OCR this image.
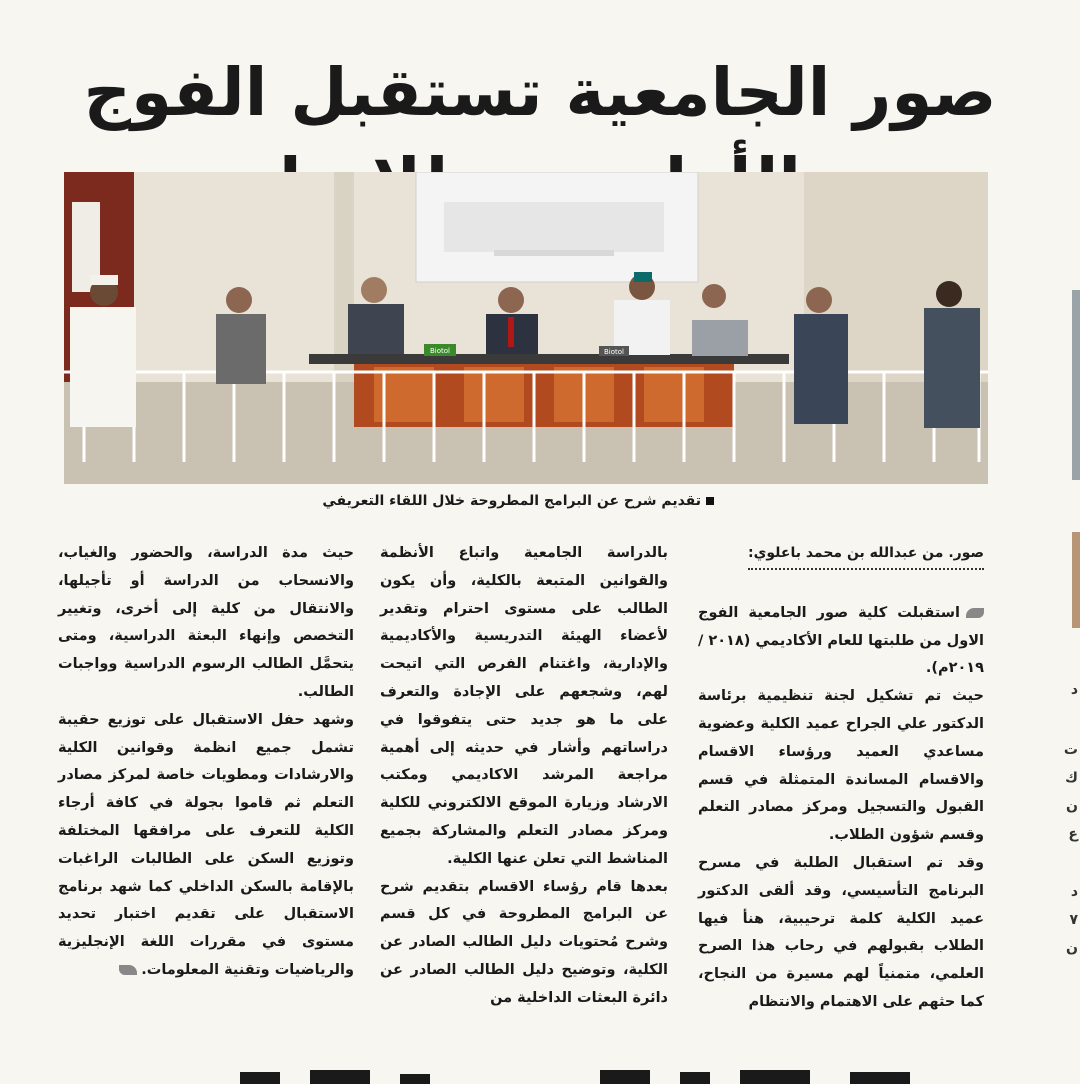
صور الجامعية تستقبل الفوج
Biotol	Biotol
تقديم شرح عن البرامج المطروحة خلال اللقاء التعريفي
صور. من عبدالله بن محمد باعلوي:

استقبلت كلية صور الجامعية الفوج الاول من طلبتها للعام الأكاديمي (٢٠١٨ /٢٠١٩م).

حيث تم تشكيل لجنة تنظيمية برئاسة الدكتور علي الجراح عميد الكلية وعضوية مساعدي العميد ورؤساء الاقسام والاقسام المساندة المتمثلة في قسم القبول والتسجيل ومركز مصادر التعلم وقسم شؤون الطلاب.

وقد تم استقبال الطلبة في مسرح البرنامج التأسيسي، وقد ألقى الدكتور عميد الكلية كلمة ترحيبية، هنأ فيها الطلاب بقبولهم في رحاب هذا الصرح العلمي، متمنياً لهم مسيرة من النجاح، كما حثهم على الاهتمام والانتظام

بالدراسة الجامعية واتباع الأنظمة والقوانين المتبعة بالكلية، وأن يكون الطالب على مستوى احترام وتقدير لأعضاء الهيئة التدريسية والأكاديمية والإدارية، واغتنام الفرص التي اتيحت لهم، وشجعهم على الإجادة والتعرف على ما هو جديد حتى يتفوقوا في دراساتهم وأشار في حديثه إلى أهمية مراجعة المرشد الاكاديمي ومكتب الارشاد وزيارة الموقع الالكتروني للكلية ومركز مصادر التعلم والمشاركة بجميع المناشط التي تعلن عنها الكلية.

بعدها قام رؤساء الاقسام بتقديم شرح عن البرامج المطروحة في كل قسم وشرح مُحتويات دليل الطالب الصادر عن الكلية، وتوضيح دليل الطالب الصادر عن دائرة البعثات الداخلية من

حيث مدة الدراسة، والحضور والغياب، والانسحاب من الدراسة أو تأجيلها، والانتقال من كلية إلى أخرى، وتغيير التخصص وإنهاء البعثة الدراسية، ومتى يتحمَّل الطالب الرسوم الدراسية وواجبات الطالب.

وشهد حفل الاستقبال على توزيع حقيبة تشمل جميع انظمة وقوانين الكلية والارشادات ومطويات خاصة لمركز مصادر التعلم ثم قاموا بجولة في كافة أرجاء الكلية للتعرف على مرافقها المختلفة وتوزيع السكن على الطالبات الراغبات بالإقامة بالسكن الداخلي كما شهد برنامج الاستقبال على تقديم اختبار تحديد مستوى في مقررات اللغة الإنجليزية والرياضيات وتقنية المعلومات.

د
ت
ك
ن
ع
د
٧
ن
